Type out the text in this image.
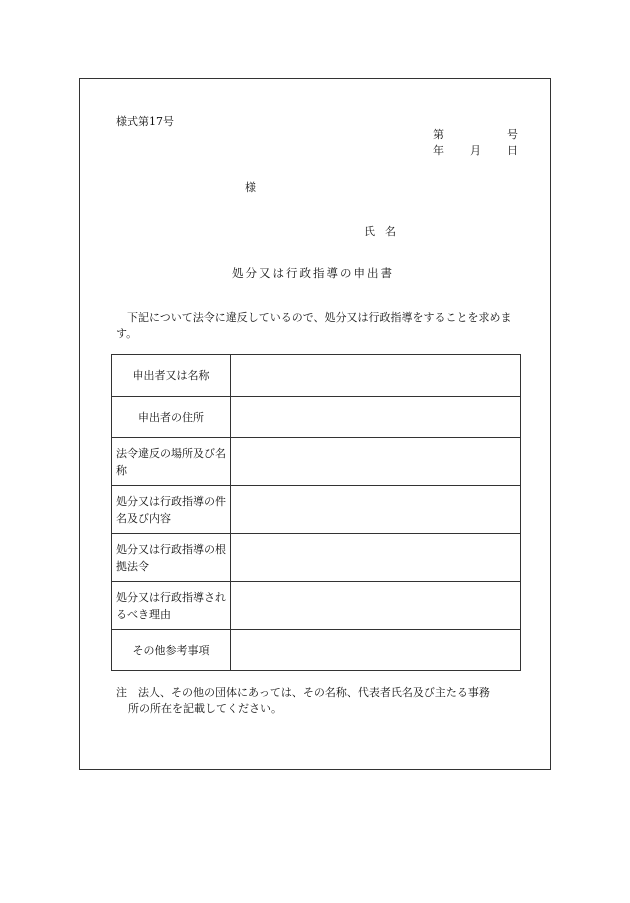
様式第17号
第	号
年 月 日
様
氏名
処分又は行政指導の申出書
下記について法令に違反しているので、処分又は行政指導をすることを求めます。
申出者又は名称	
申出者の住所	
法令違反の場所及び名称	
処分又は行政指導の件名及び内容	
処分又は行政指導の根拠法令	
処分又は行政指導されるべき理由	
その他参考事項	
注　法人、その他の団体にあっては、その名称、代表者氏名及び主たる事務
所の所在を記載してください。
